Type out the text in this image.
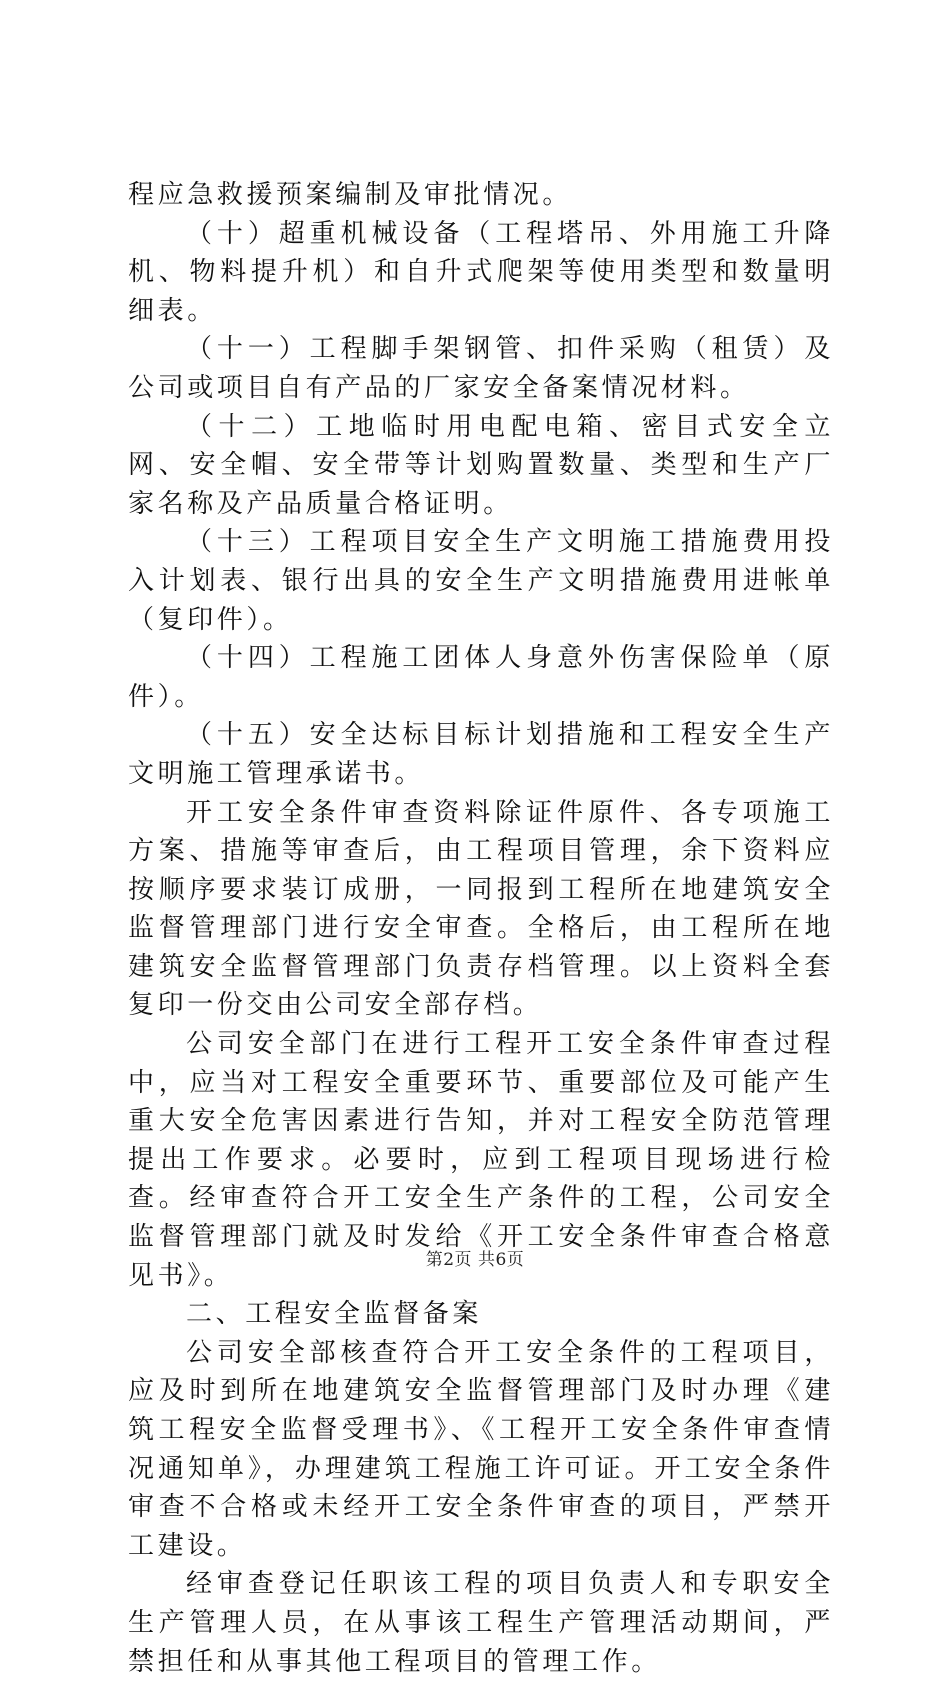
程应急救援预案编制及审批情况。

（十）超重机械设备（工程塔吊、外用施工升降机、物料提升机）和自升式爬架等使用类型和数量明细表。

（十一）工程脚手架钢管、扣件采购（租赁）及公司或项目自有产品的厂家安全备案情况材料。

（十二）工地临时用电配电箱、密目式安全立网、安全帽、安全带等计划购置数量、类型和生产厂家名称及产品质量合格证明。

（十三）工程项目安全生产文明施工措施费用投入计划表、银行出具的安全生产文明措施费用进帐单（复印件）。

（十四）工程施工团体人身意外伤害保险单（原件）。

（十五）安全达标目标计划措施和工程安全生产文明施工管理承诺书。

开工安全条件审查资料除证件原件、各专项施工方案、措施等审查后，由工程项目管理，余下资料应按顺序要求装订成册，一同报到工程所在地建筑安全监督管理部门进行安全审查。全格后，由工程所在地建筑安全监督管理部门负责存档管理。以上资料全套复印一份交由公司安全部存档。

公司安全部门在进行工程开工安全条件审查过程中，应当对工程安全重要环节、重要部位及可能产生重大安全危害因素进行告知，并对工程安全防范管理提出工作要求。必要时，应到工程项目现场进行检查。经审查符合开工安全生产条件的工程，公司安全监督管理部门就及时发给《开工安全条件审查合格意见书》。

二、工程安全监督备案

公司安全部核查符合开工安全条件的工程项目，应及时到所在地建筑安全监督管理部门及时办理《建筑工程安全监督受理书》、《工程开工安全条件审查情况通知单》，办理建筑工程施工许可证。开工安全条件审查不合格或未经开工安全条件审查的项目，严禁开工建设。

经审查登记任职该工程的项目负责人和专职安全生产管理人员，在从事该工程生产管理活动期间，严禁担任和从事其他工程项目的管理工作。

第2页 共6页
